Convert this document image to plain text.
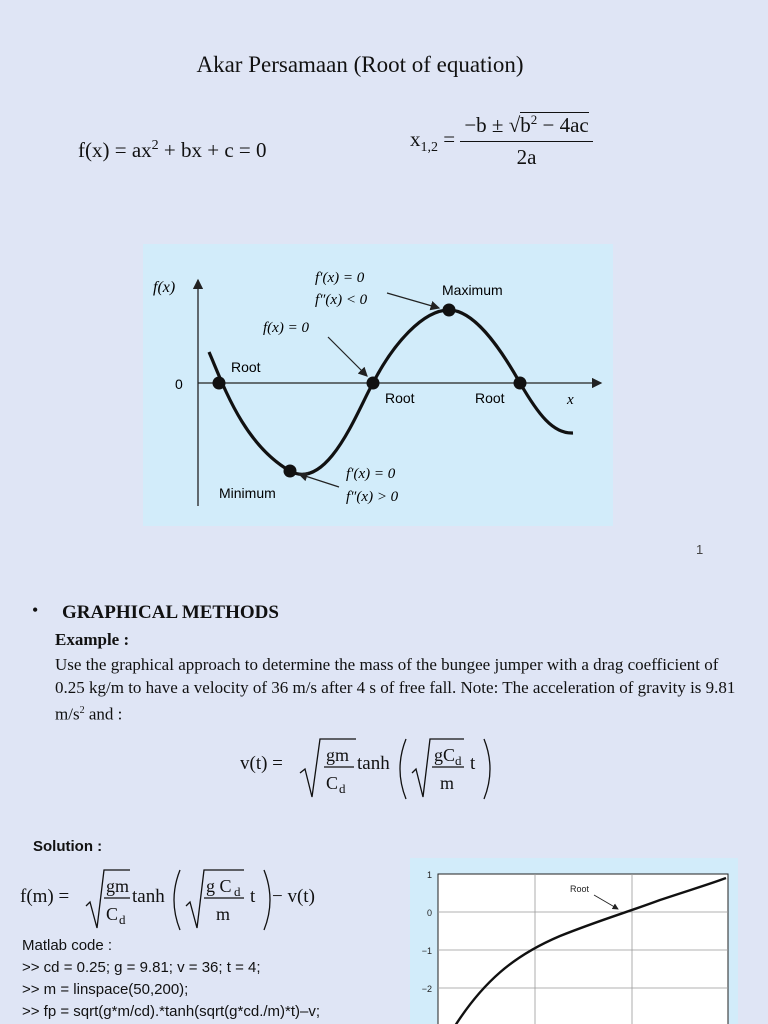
Akar Persamaan (Root of equation)
$f(x) = ax^2$ + bx + c = 0	$x_{1,2} = \frac{-b \pm √b^2 - 4ac}{2a}$
f(x)
0
x
Root
Root	Root
Maximum
Minimum
f′(x) = 0
f″(x) < 0
f(x) = 0
f′(x) = 0
f″(x) > 0
1
• GRAPHICAL METHODS
Example :
Use the graphical approach to determine the mass of the bungee jumper with a drag coefficient of 0.25 kg/m to have a velocity of 36 m/s after 4 s of free fall. Note: The acceleration of gravity is 9.81 $m/s^2$ and :
v(t) = gm
C d
tanh gC d
m
t
Solution :
f(m) = gm
C d
tanh g C d
m
t − v(t)
Matlab code :
>> cd = 0.25; g = 9.81; v = 36; t = 4;
>> m = linspace(50,200);
>> fp = sqrt(g*m/cd).*tanh(sqrt(g*cd./m)*t)–v;
1
0
−1
−2
Root
